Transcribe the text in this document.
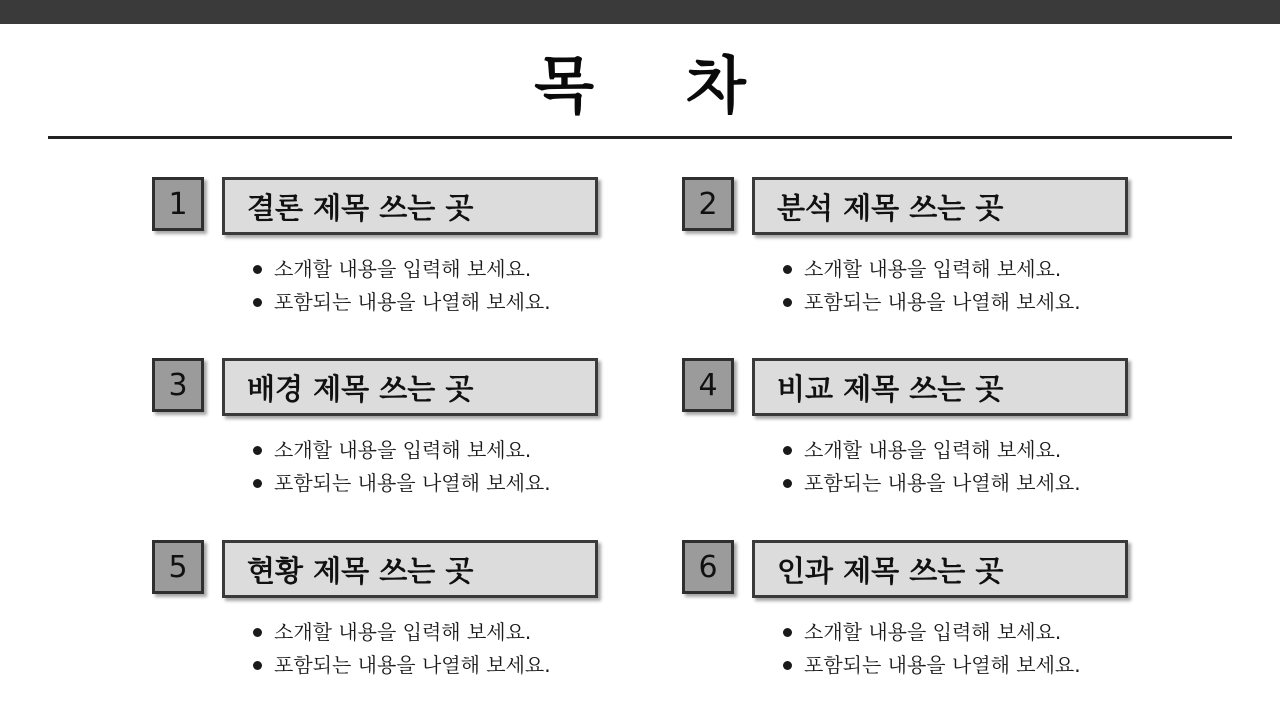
목 차
1	결론 제목 쓰는 곳
소개할 내용을 입력해 보세요.
포함되는 내용을 나열해 보세요.
2	분석 제목 쓰는 곳
소개할 내용을 입력해 보세요.
포함되는 내용을 나열해 보세요.
3	배경 제목 쓰는 곳
소개할 내용을 입력해 보세요.
포함되는 내용을 나열해 보세요.
4	비교 제목 쓰는 곳
소개할 내용을 입력해 보세요.
포함되는 내용을 나열해 보세요.
5	현황 제목 쓰는 곳
소개할 내용을 입력해 보세요.
포함되는 내용을 나열해 보세요.
6	인과 제목 쓰는 곳
소개할 내용을 입력해 보세요.
포함되는 내용을 나열해 보세요.
